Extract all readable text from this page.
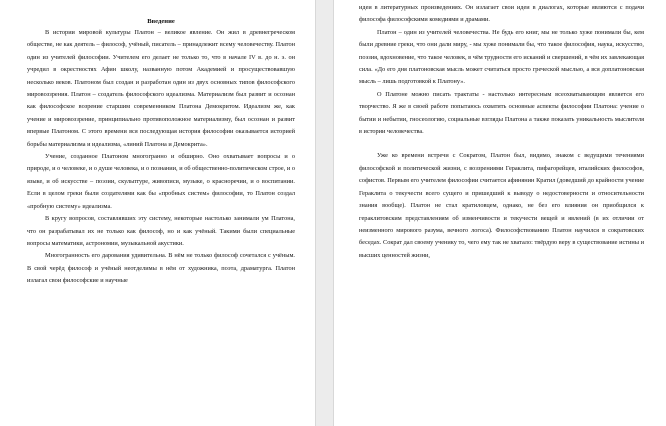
Введение

В истории мировой культуры Платон – великое явление. Он жил в древнегреческом обществе, не как деятель – философ, учёный, писатель – принадлежит всему человечеству. Платон один из учителей философии. Учителем его делает не только то, что в начале IV в. до н. э. он учредил в окрестностях Афин школу, названную потом Академией и просуществовавшую несколько веков. Платоном был создан и разработан один из двух основных типов философского мировоззрения. Платон – создатель философского идеализма. Материализм был развит и осознан как философское возрение старшим современником Платона Демокритом. Идеализм же, как учение и мировоззрение, принципиально противоположное материализму, был осознан и развит впервые Платоном. С этого времени вся последующая история философии оказывается историей борьбы материализма и идеализма, «линий Платона и Демокрита».

Учение, созданное Платоном многогранно и обширно. Оно охватывает вопросы и о природе, и о человеке, и о душе человека, и о познании, и об общественно-политическом строе, и о языке, и об искусстве – поэзии, скульптуре, живописи, музыке, о красноречии, и о воспитании. Если в целом греки были создателями как бы «пробных систем» философии, то Платон создал «пробную систему» идеализма.

В кругу вопросов, составлявших эту систему, некоторые настолько занимали ум Платона, что он разрабатывал их не только как философ, но и как учёный. Такими были специальные вопросы математики, астрономии, музыкальной акустики.

Многогранность его дарования удивительна. В нём не только философ сочетался с учёным. В свой черёд философ и учёный неотделимы в нём от художника, поэта, драматурга. Платон излагал свои философские и научные

идеи в литературных произведениях. Он излагает свои идеи в диалогах, которые являются с подачи философа философскими комедиями и драмами.

Платон – один из учителей человечества. Не будь его книг, мы не только хуже понимали бы, кем были древние греки, что они дали миру, - мы хуже понимали бы, что такое философия, наука, искусство, поэзия, вдохновение, что такое человек, в чём трудности его исканий и свершений, в чём их завлекающая сила. «До его дня платоновская мысль может считаться просто греческой мыслью, а вся доплатоновская мысль – лишь подготовкой к Платону».

О Платоне можно писать трактаты - настолько интересным всеохватывающим является его творчество. Я же в своей работе попытаюсь охватить основные аспекты философии Платона: учение о бытии и небытии, гносеологию, социальные взгляды Платона а также показать уникальность мыслителя в истории человечества.

Уже ко времени встречи с Сократом, Платон был, видимо, знаком с ведущими течениями философской и политической жизни, с воззрениями Гераклита, пифагорейцев, италийских философов, софистов. Первым его учителем философии считается афинянин Кратил (доведший до крайности учение Гераклита о текучести всего сущего и пришедший к выводу о недостоверности и относительности знания вообще). Платон не стал кратиловцем, однако, не без его влияния он приобщился к гераклитовским представлениям об изменчивости и текучести вещей и явлений (в их отличии от неизменного мирового разума, вечного логоса). Философствованию Платон научился в сократовских беседах. Сократ дал своему ученику то, чего ему так не хватало: твёрдую веру в существование истины и высших ценностей жизни,
